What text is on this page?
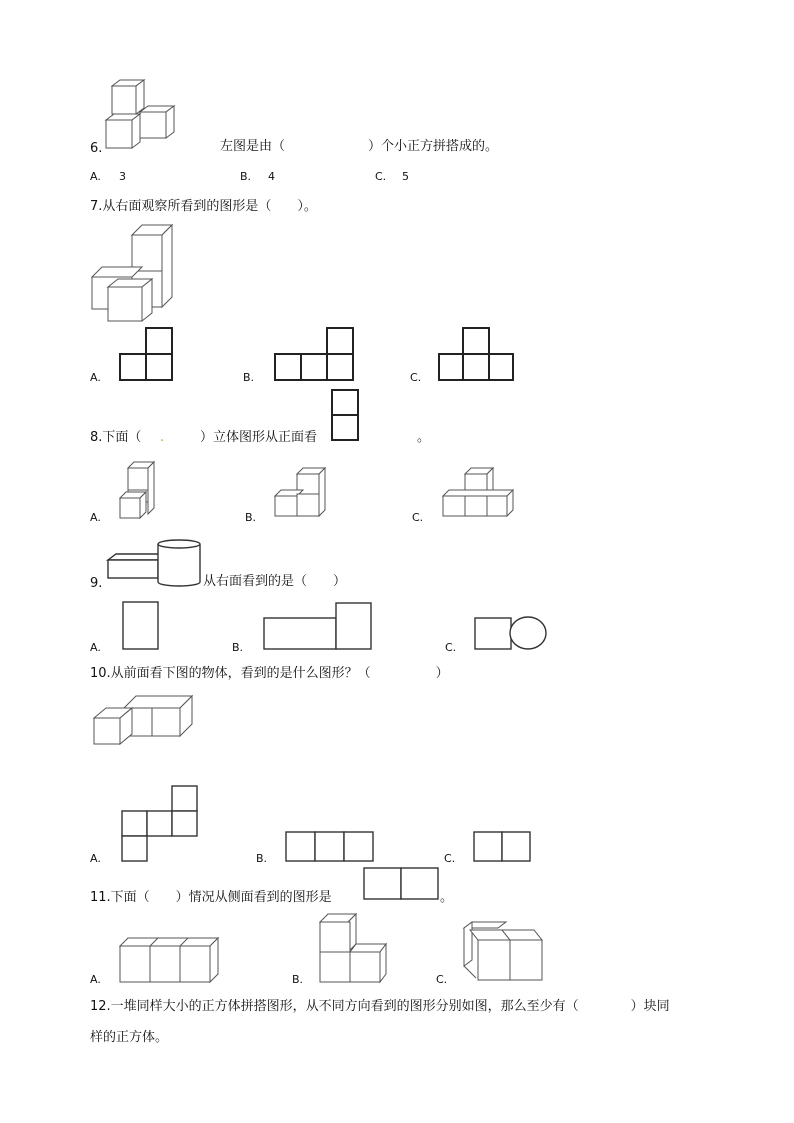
6.	左图是由（	）个小正方拼搭成的。
A. 3	B. 4	C. 5
7.从右面观察所看到的图形是（　　）。
A.	B.	C.
8.下面（ .	）立体图形从正面看	。
A.	B.	C.
9.	从右面看到的是（　　）
A.	B.	C.
10.从前面看下图的物体，看到的是什么图形？（　　　　　）
A.	B.	C.
11.下面（　　）情况从侧面看到的图形是	。
A.	B.	C.
12.一堆同样大小的正方体拼搭图形，从不同方向看到的图形分别如图，那么至少有（　　　　）块同
样的正方体。
